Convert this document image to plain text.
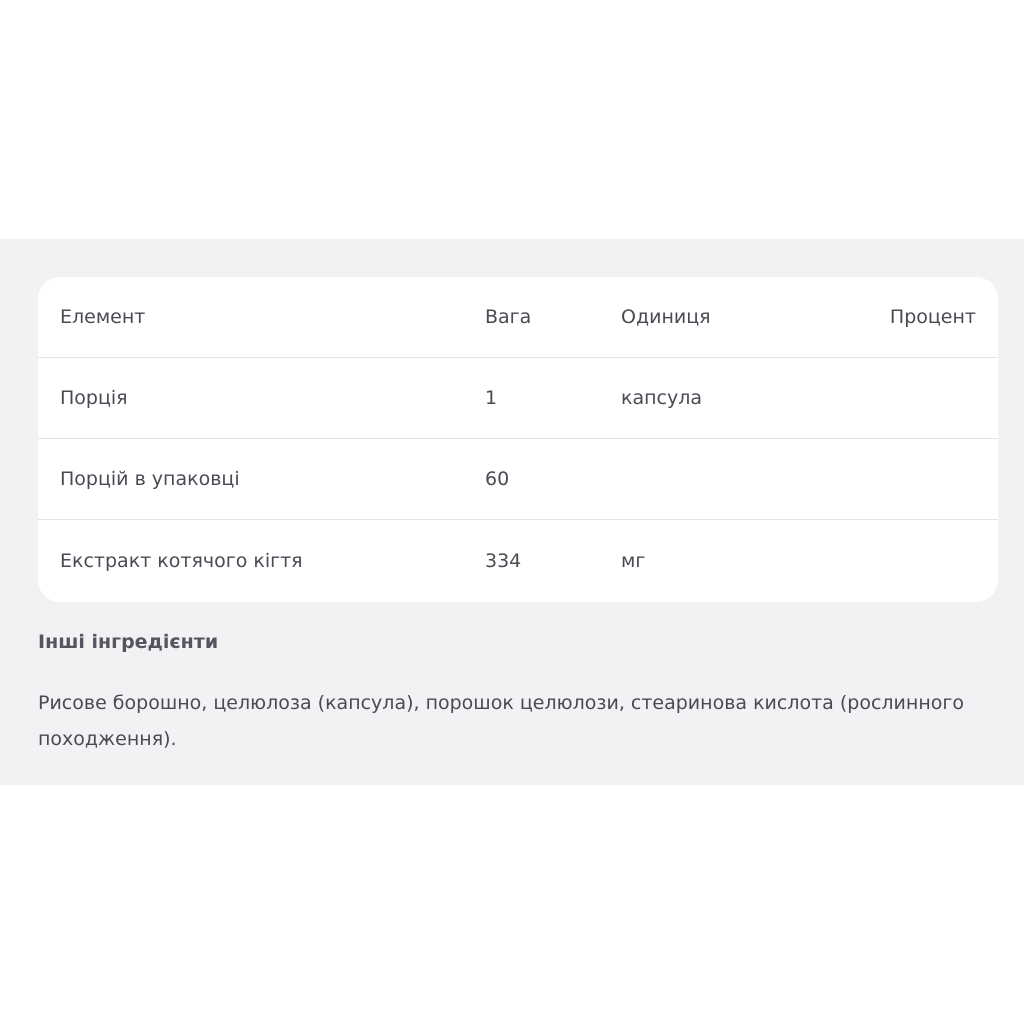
Елемент	Вага	Одиниця	Процент
Порція	1	капсула
Порцій в упаковці	60
Екстракт котячого кігтя	334	мг
Інші інгредієнти
Рисове борошно, целюлоза (капсула), порошок целюлози, стеаринова кислота (рослинного походження).
